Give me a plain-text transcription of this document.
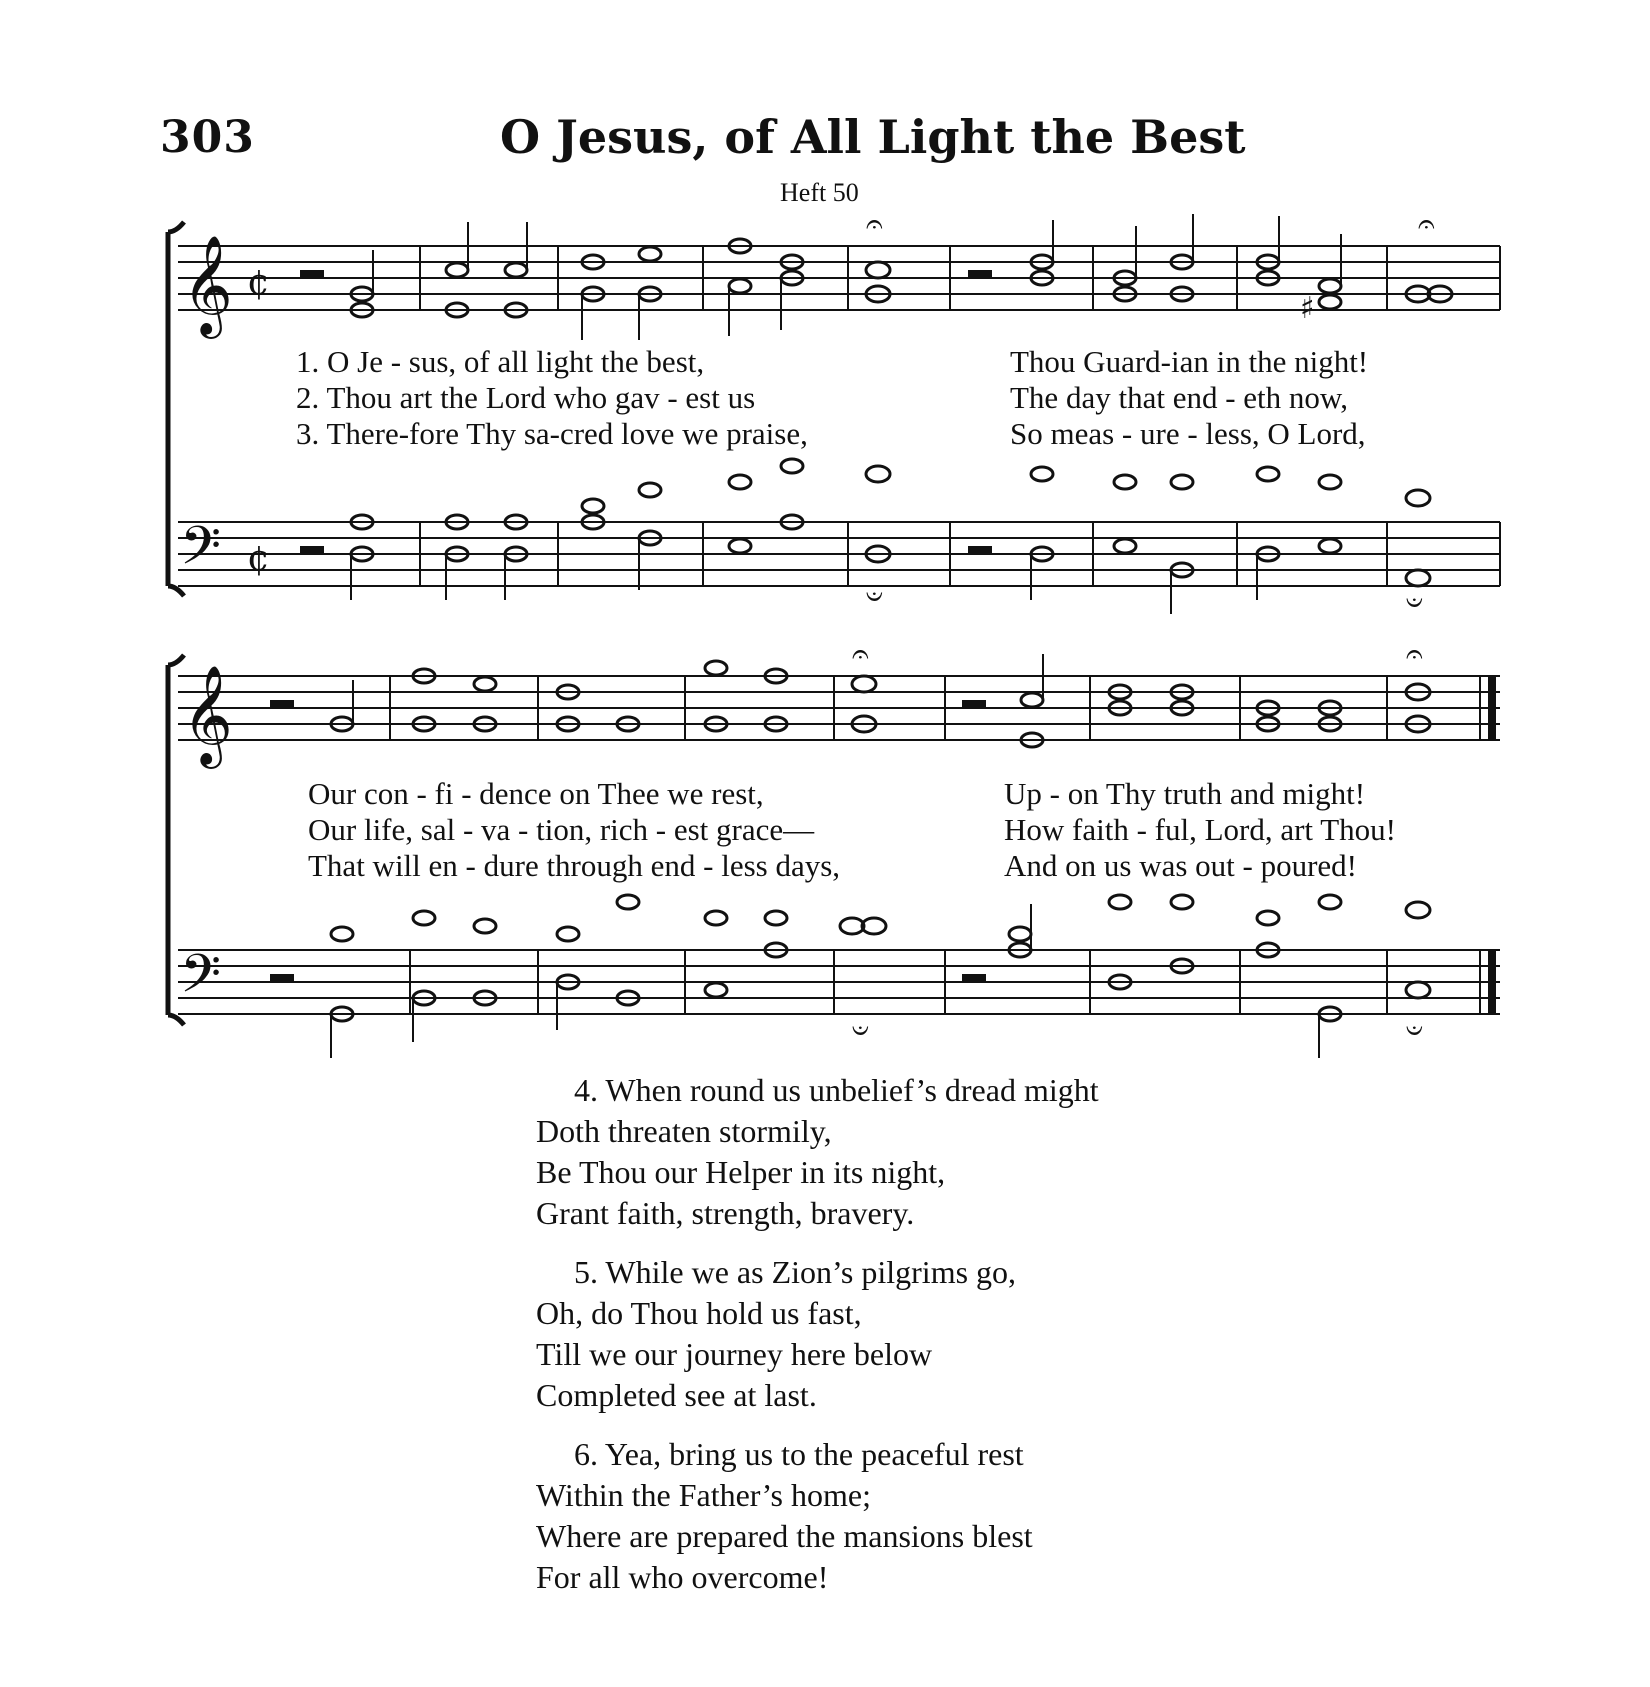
303	O Jesus, of All Light the Best
Heft 50
𝄞 ¢
𝄢 ¢
𝄐	𝄐
♯
𝄑	𝄑
𝄞
𝄢
𝄐	𝄐
𝄑	𝄑
1. O Je - sus, of all light the best,
2. Thou art the Lord who gav - est us
3. There-fore Thy sa-cred love we praise,
Thou Guard-ian in the night!
The day that end - eth now,
So meas - ure - less, O Lord,
Our con - fi - dence on Thee we rest,
Our life, sal - va - tion, rich - est grace—
That will en - dure through end - less days,
Up - on Thy truth and might!
How faith - ful, Lord, art Thou!
And on us was out - poured!
4. When round us unbelief’s dread might
Doth threaten stormily,
Be Thou our Helper in its night,
Grant faith, strength, bravery.
5. While we as Zion’s pilgrims go,
Oh, do Thou hold us fast,
Till we our journey here below
Completed see at last.
6. Yea, bring us to the peaceful rest
Within the Father’s home;
Where are prepared the mansions blest
For all who overcome!
